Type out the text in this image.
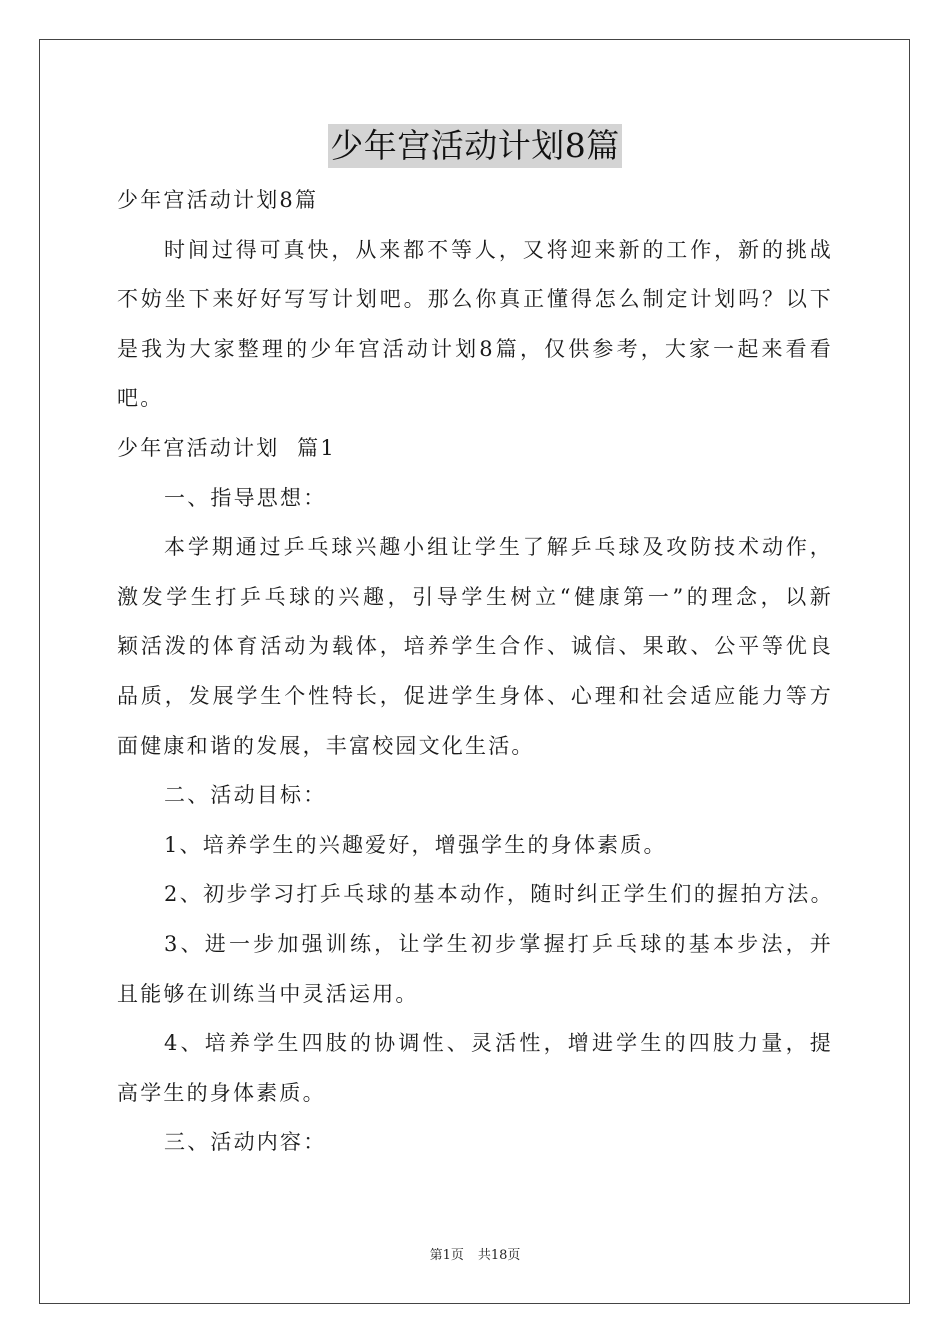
少年宫活动计划8篇
少年宫活动计划8篇
时间过得可真快，从来都不等人，又将迎来新的工作，新的挑战
不妨坐下来好好写写计划吧。那么你真正懂得怎么制定计划吗？以下
是我为大家整理的少年宫活动计划8篇，仅供参考，大家一起来看看
吧。
少年宫活动计划  篇1
一、指导思想：
本学期通过乒乓球兴趣小组让学生了解乒乓球及攻防技术动作，
激发学生打乒乓球的兴趣，引导学生树立“健康第一”的理念，以新
颖活泼的体育活动为载体，培养学生合作、诚信、果敢、公平等优良
品质，发展学生个性特长，促进学生身体、心理和社会适应能力等方
面健康和谐的发展，丰富校园文化生活。
二、活动目标：
1、培养学生的兴趣爱好，增强学生的身体素质。
2、初步学习打乒乓球的基本动作，随时纠正学生们的握拍方法。
3、进一步加强训练，让学生初步掌握打乒乓球的基本步法，并
且能够在训练当中灵活运用。
4、培养学生四肢的协调性、灵活性，增进学生的四肢力量，提
高学生的身体素质。
三、活动内容：
第1页 共18页
